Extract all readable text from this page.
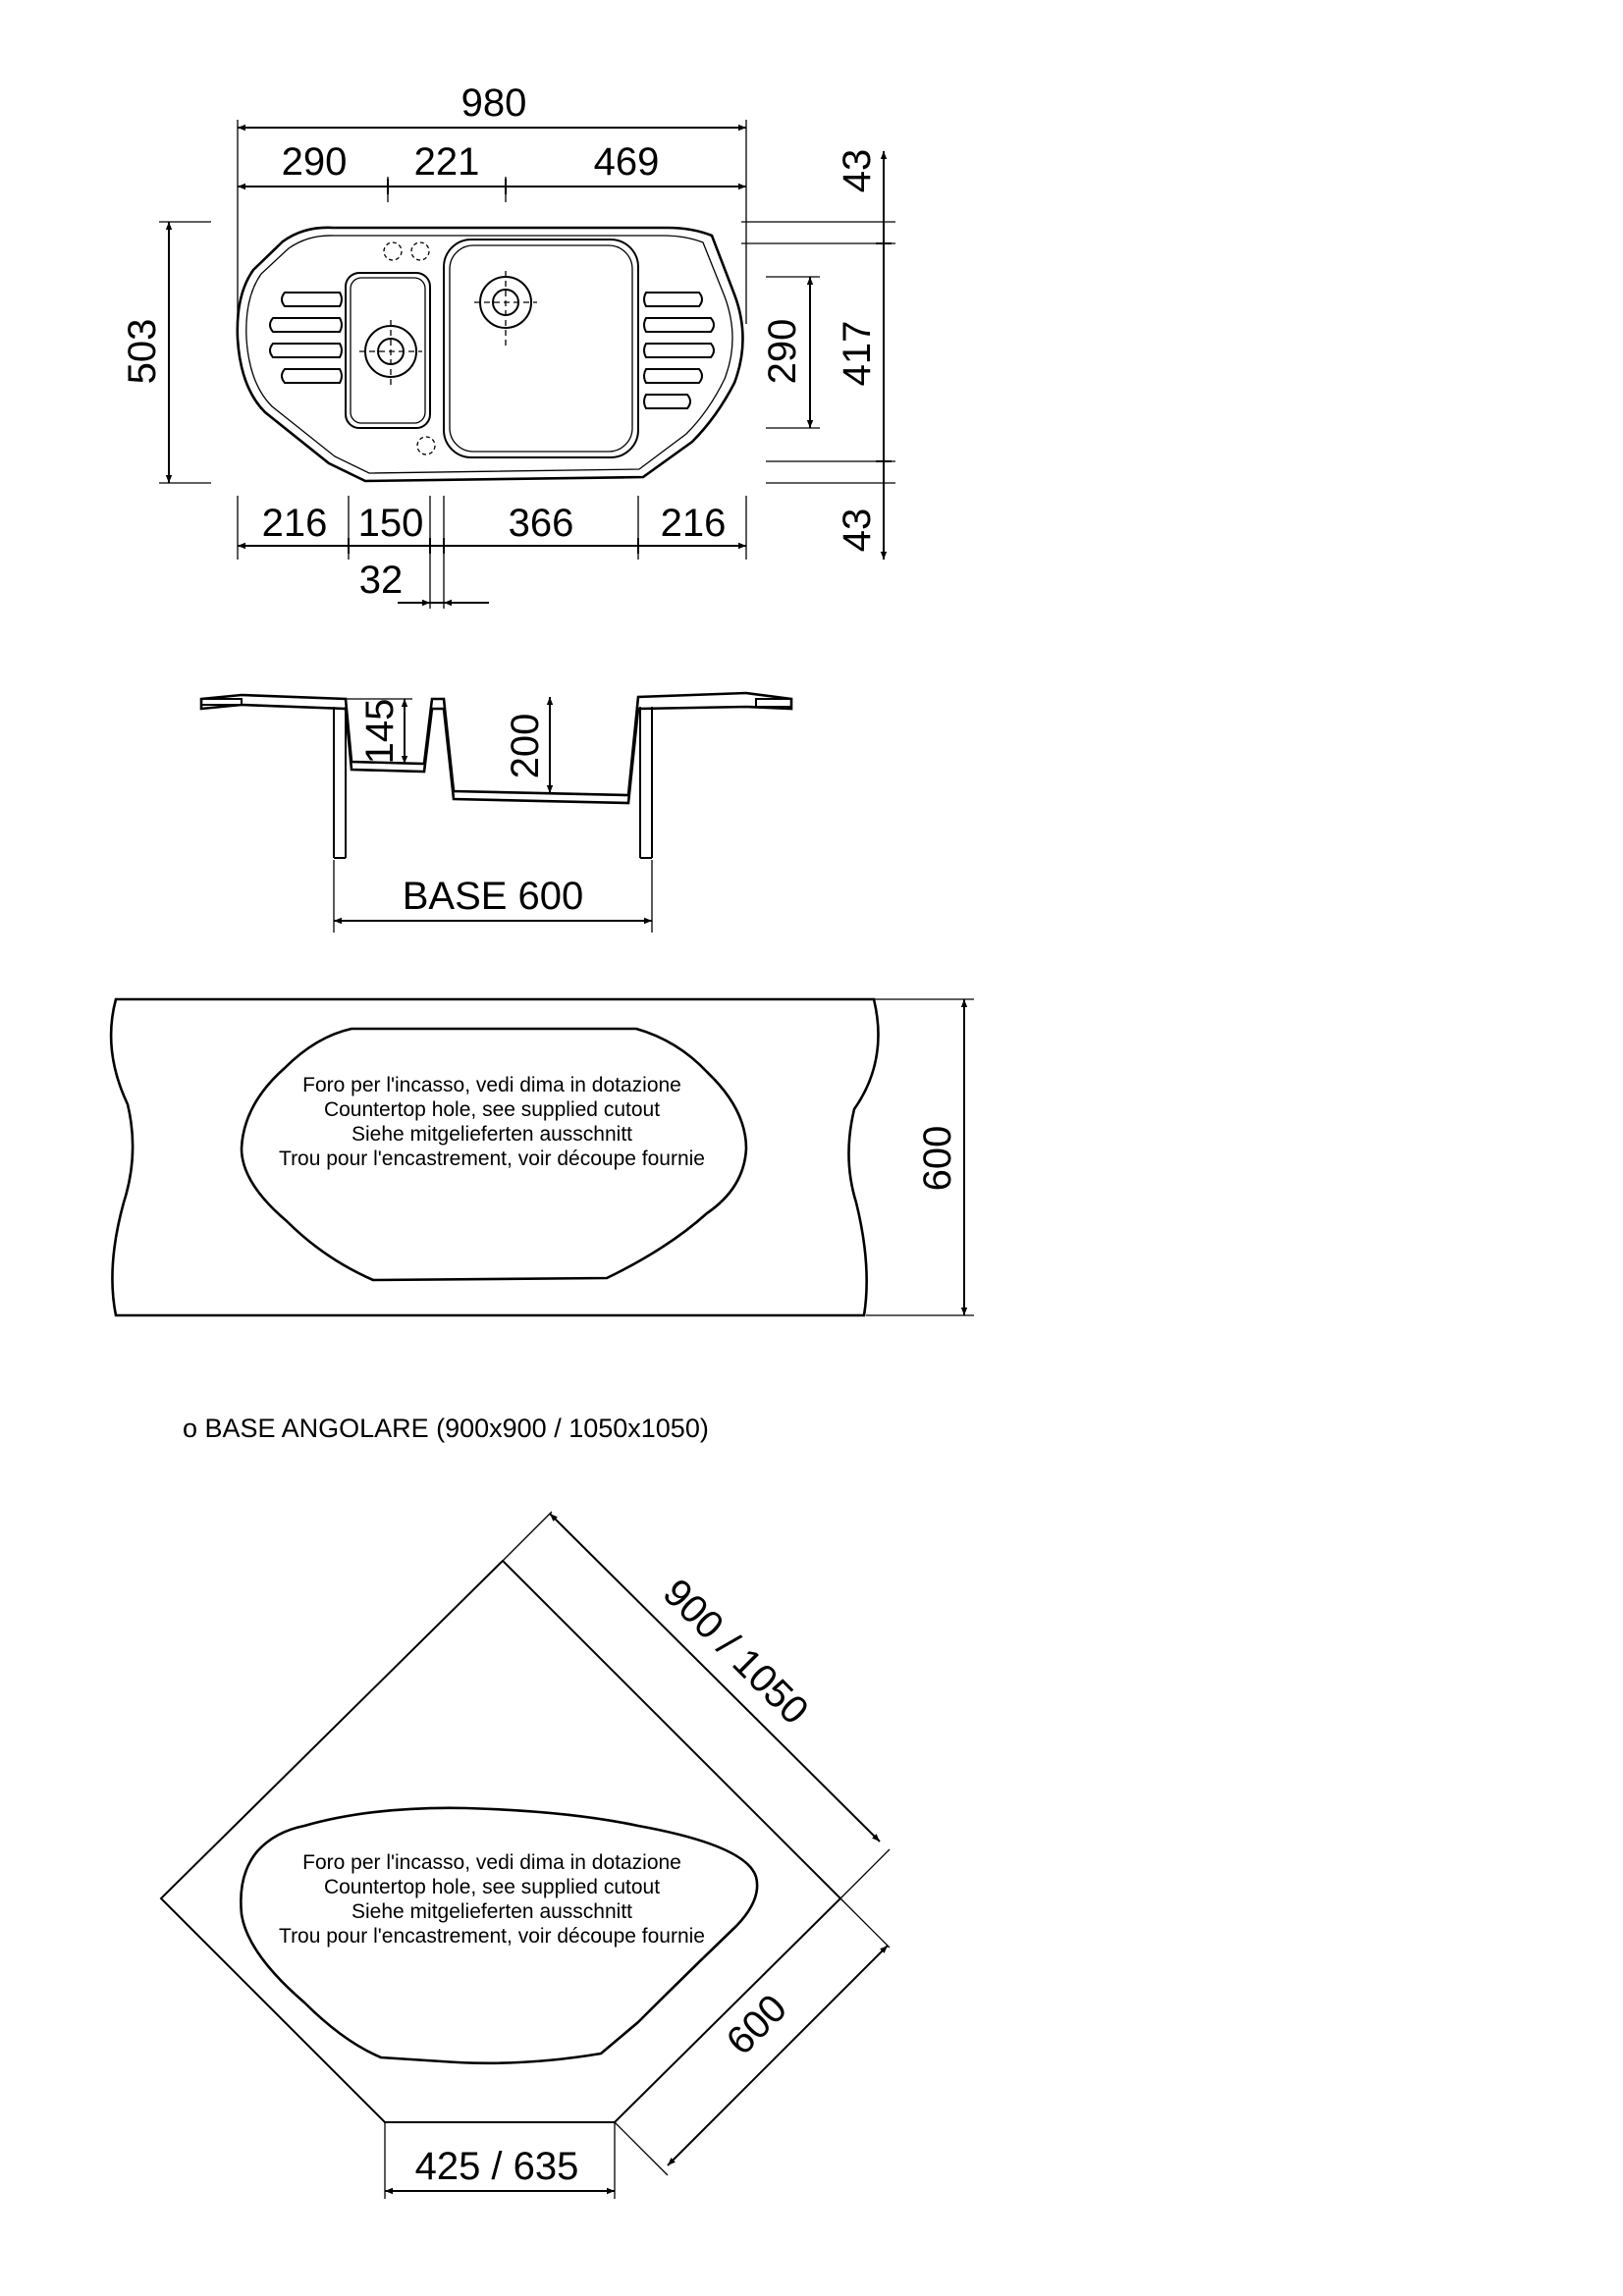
980
290 221	469
503
43
417
43
290
216 150 366 216
32
145	200
BASE 600
600
Foro per l'incasso, vedi dima in dotazione
Countertop hole, see supplied cutout
Siehe mitgelieferten ausschnitt
Trou pour l'encastrement, voir découpe fournie
o BASE ANGOLARE (900x900 / 1050x1050)
900 / 1050
600
425 / 635
Foro per l'incasso, vedi dima in dotazione
Countertop hole, see supplied cutout
Siehe mitgelieferten ausschnitt
Trou pour l'encastrement, voir découpe fournie
